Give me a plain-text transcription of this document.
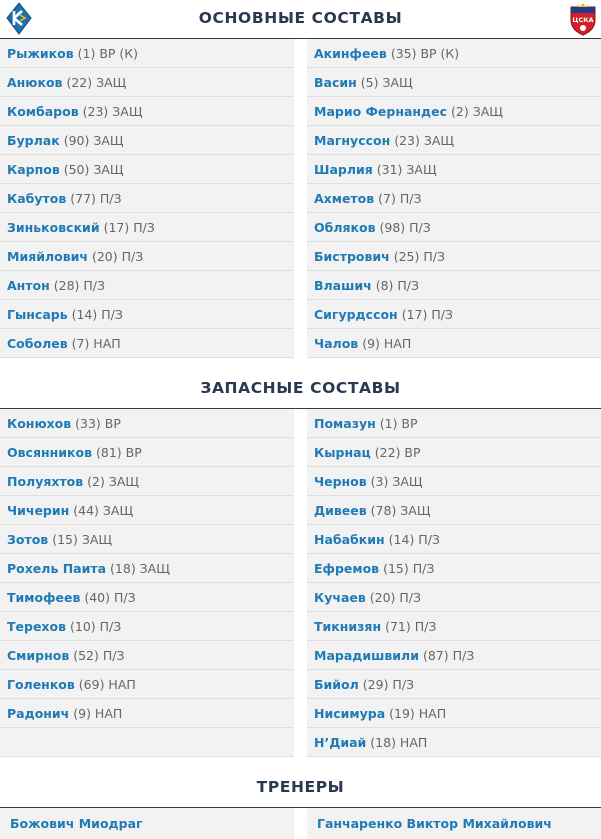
ЦСКА
ОСНОВНЫЕ СОСТАВЫ
Рыжиков (1) ВР (К)
Анюков (22) ЗАЩ
Комбаров (23) ЗАЩ
Бурлак (90) ЗАЩ
Карпов (50) ЗАЩ
Кабутов (77) П/З
Зиньковский (17) П/З
Мияйлович (20) П/З
Антон (28) П/З
Гынсарь (14) П/З
Соболев (7) НАП
Акинфеев (35) ВР (К)
Васин (5) ЗАЩ
Марио Фернандес (2) ЗАЩ
Магнуссон (23) ЗАЩ
Шарлия (31) ЗАЩ
Ахметов (7) П/З
Обляков (98) П/З
Бистрович (25) П/З
Влашич (8) П/З
Сигурдссон (17) П/З
Чалов (9) НАП
ЗАПАСНЫЕ СОСТАВЫ
Конюхов (33) ВР
Овсянников (81) ВР
Полуяхтов (2) ЗАЩ
Чичерин (44) ЗАЩ
Зотов (15) ЗАЩ
Рохель Паита (18) ЗАЩ
Тимофеев (40) П/З
Терехов (10) П/З
Смирнов (52) П/З
Голенков (69) НАП
Радонич (9) НАП
Помазун (1) ВР
Кырнац (22) ВР
Чернов (3) ЗАЩ
Дивеев (78) ЗАЩ
Набабкин (14) П/З
Ефремов (15) П/З
Кучаев (20) П/З
Тикнизян (71) П/З
Марадишвили (87) П/З
Бийол (29) П/З
Нисимура (19) НАП
Н’Диай (18) НАП
ТРЕНЕРЫ
Божович Миодраг	Ганчаренко Виктор Михайлович
